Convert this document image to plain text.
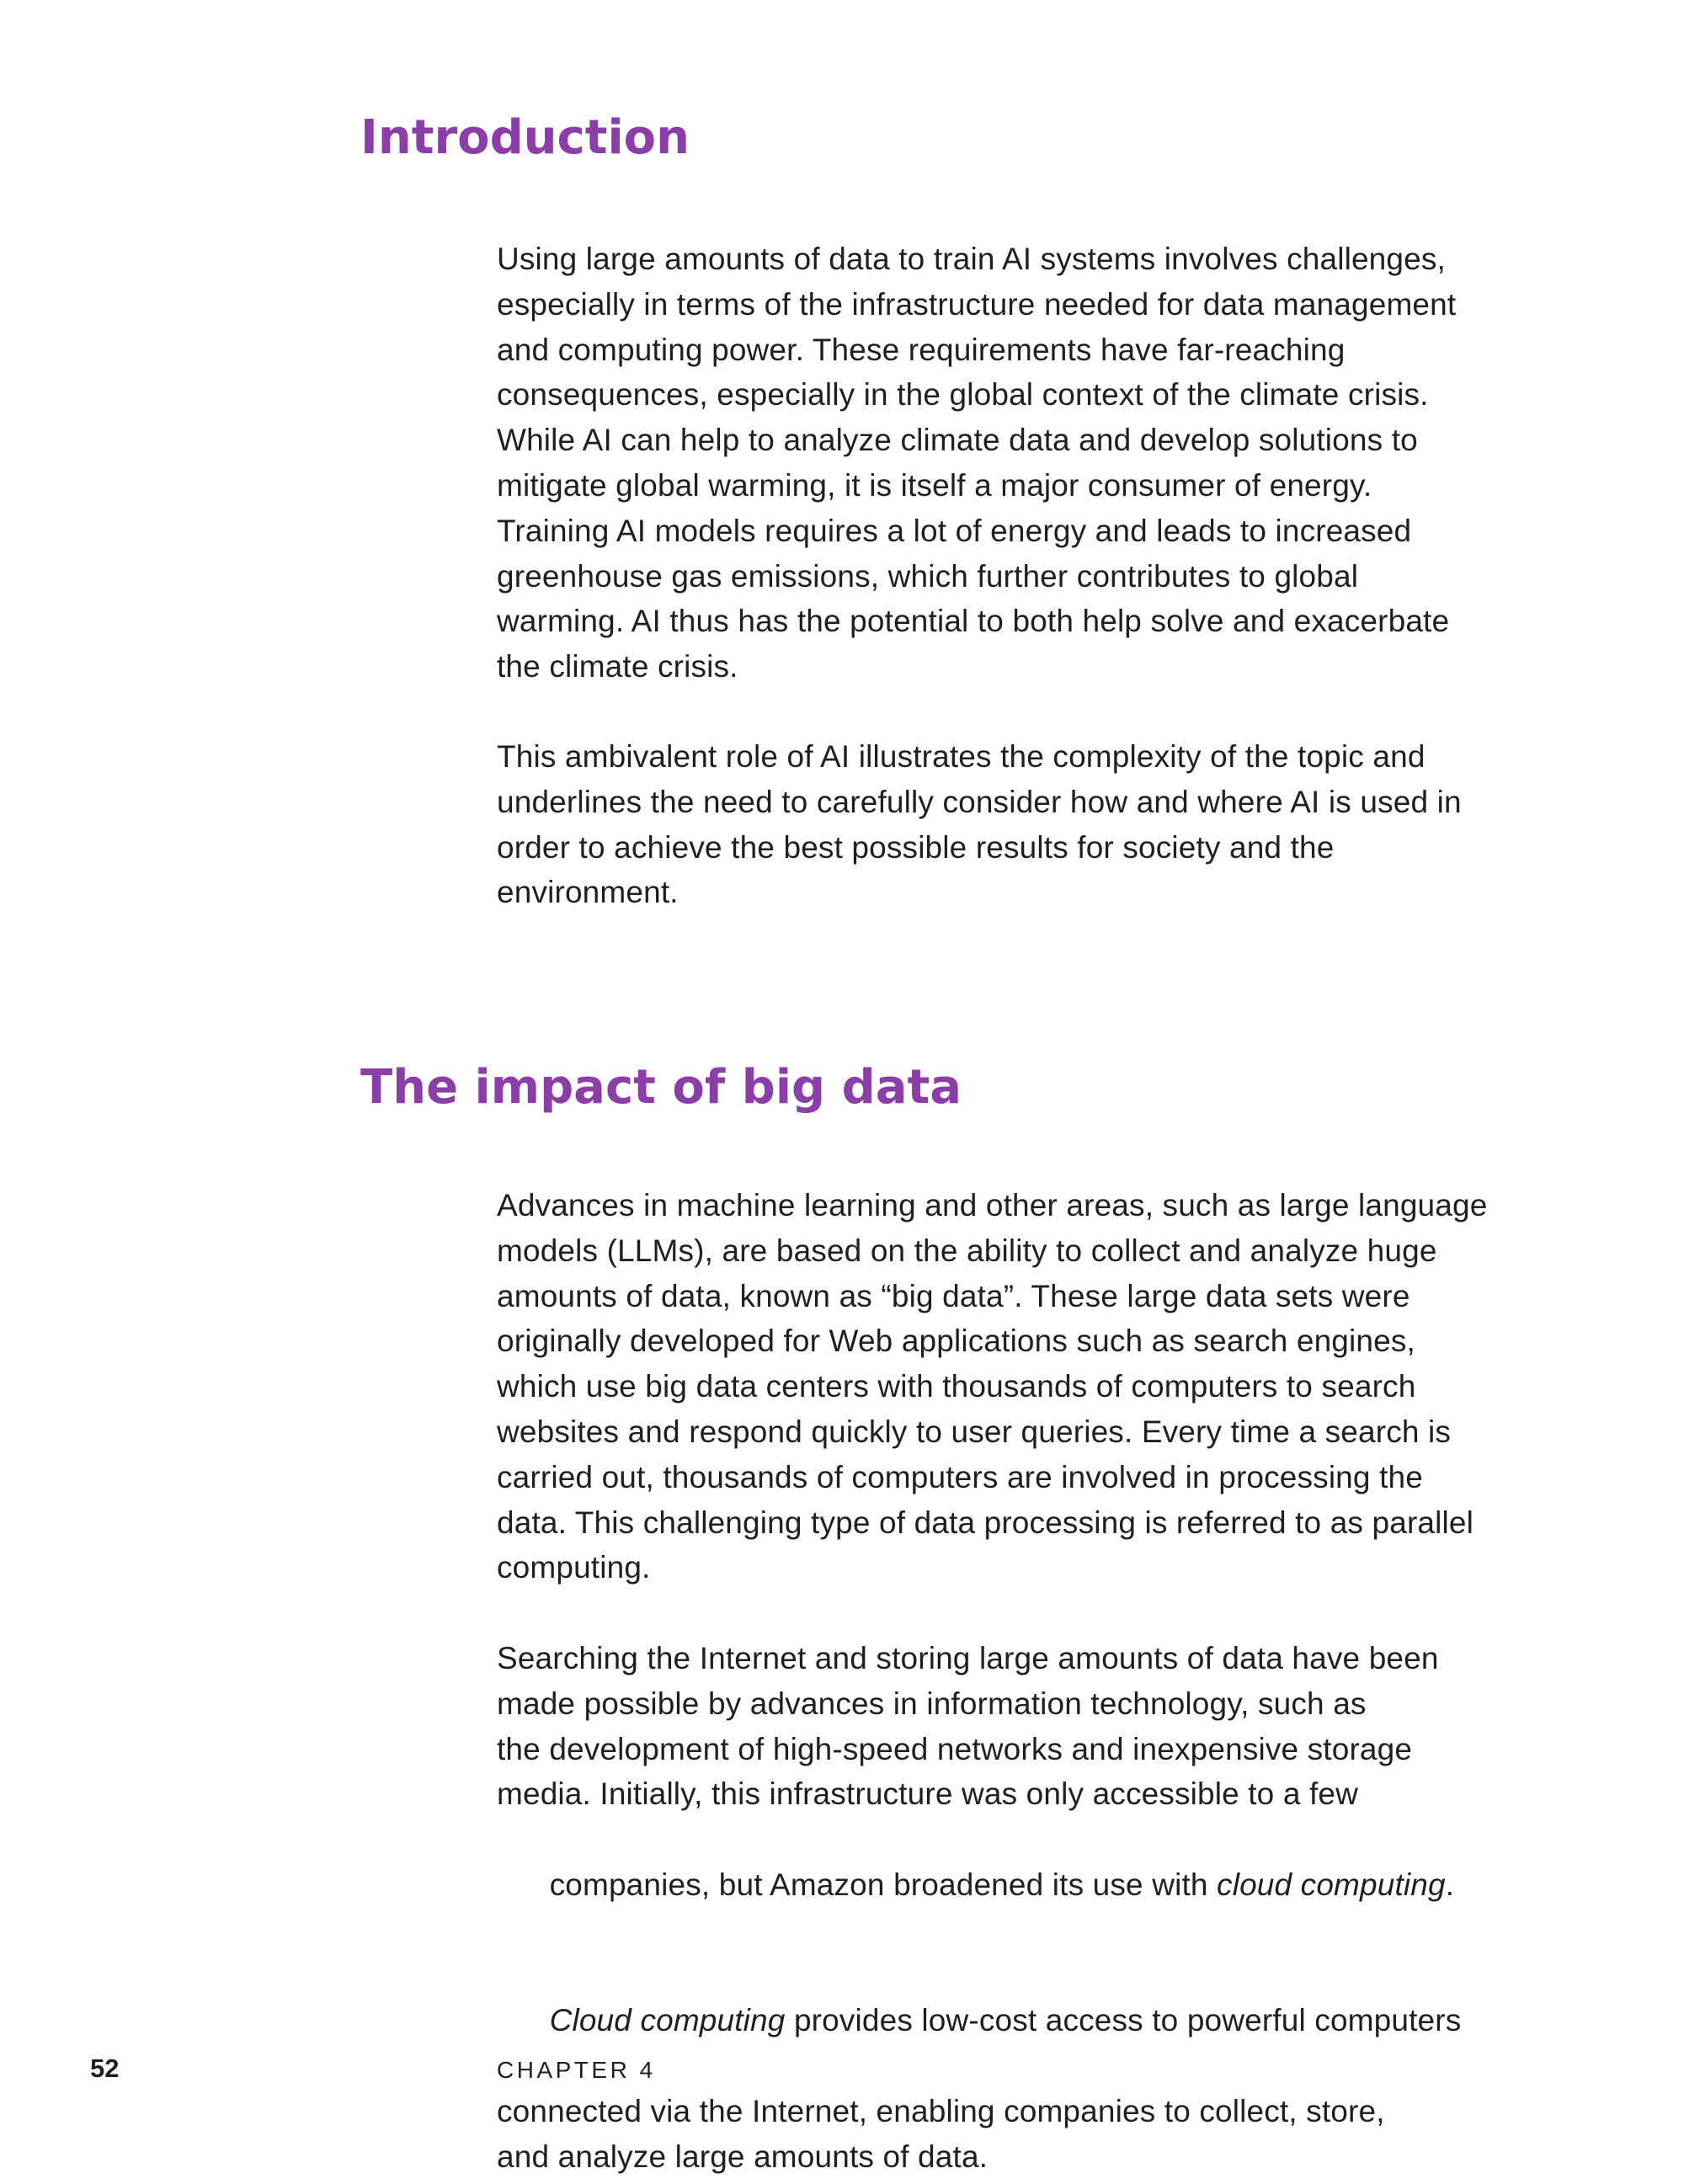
Introduction

Using large amounts of data to train AI systems involves challenges,
especially in terms of the infrastructure needed for data management
and computing power. These requirements have far-reaching
consequences, especially in the global context of the climate crisis.
While AI can help to analyze climate data and develop solutions to
mitigate global warming, it is itself a major consumer of energy.
Training AI models requires a lot of energy and leads to increased
greenhouse gas emissions, which further contributes to global
warming. AI thus has the potential to both help solve and exacerbate
the climate crisis.

This ambivalent role of AI illustrates the complexity of the topic and
underlines the need to carefully consider how and where AI is used in
order to achieve the best possible results for society and the
environment.

The impact of big data

Advances in machine learning and other areas, such as large language
models (LLMs), are based on the ability to collect and analyze huge
amounts of data, known as “big data”. These large data sets were
originally developed for Web applications such as search engines,
which use big data centers with thousands of computers to search
websites and respond quickly to user queries. Every time a search is
carried out, thousands of computers are involved in processing the
data. This challenging type of data processing is referred to as parallel
computing.

Searching the Internet and storing large amounts of data have been
made possible by advances in information technology, such as
the development of high-speed networks and inexpensive storage
media. Initially, this infrastructure was only accessible to a few

companies, but Amazon broadened its use with cloud computing.

Cloud computing provides low-cost access to powerful computers

connected via the Internet, enabling companies to collect, store,
and analyze large amounts of data.

52	CHAPTER 4
